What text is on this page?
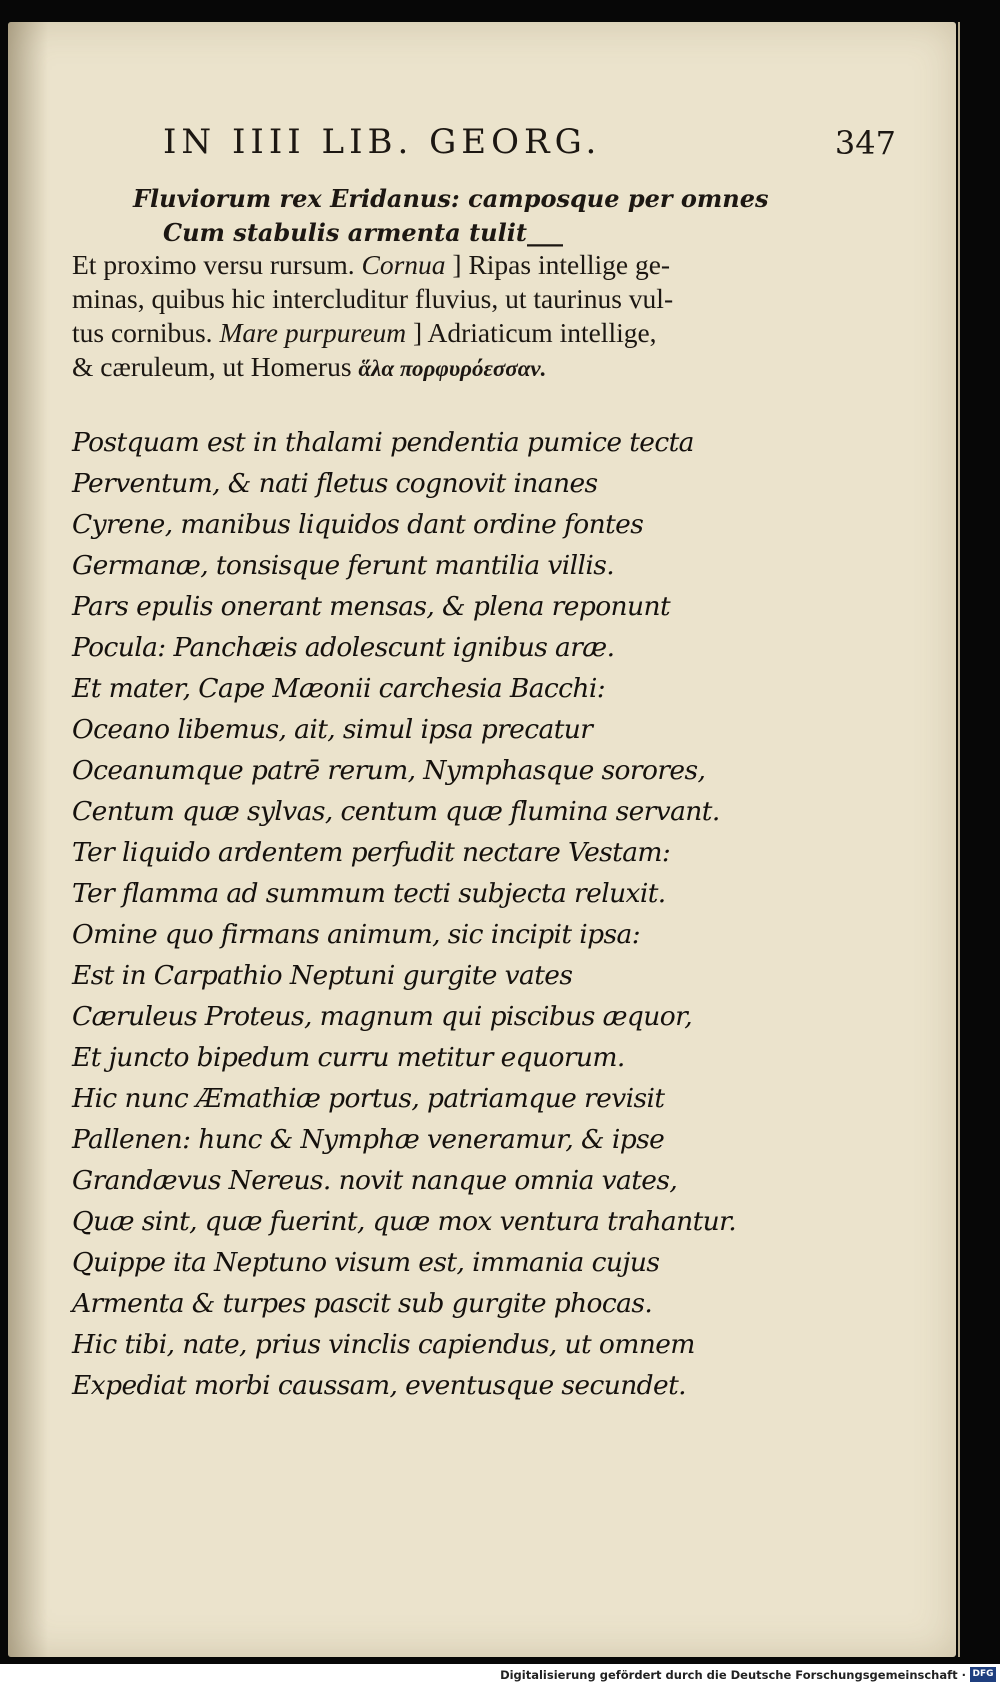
IN IIII LIB. GEORG.	347
Fluviorum rex Eridanus: camposque per omnes
Cum stabulis armenta tulit___

Et proximo versu rursum. Cornua ] Ripas intellige ge-

minas, quibus hic intercluditur fluvius, ut taurinus vul-

tus cornibus. Mare purpureum ] Adriaticum intellige,

& cæruleum, ut Homerus ἅλα πορφυρόεσσαν.

Postquam est in thalami pendentia pumice tecta
Perventum, & nati fletus cognovit inanes
Cyrene, manibus liquidos dant ordine fontes
Germanæ, tonsisque ferunt mantilia villis.
Pars epulis onerant mensas, & plena reponunt
Pocula: Panchæis adolescunt ignibus aræ.
Et mater, Cape Mæonii carchesia Bacchi:
Oceano libemus, ait, simul ipsa precatur
Oceanumque patrē rerum, Nymphasque sorores,
Centum quæ sylvas, centum quæ flumina servant.
Ter liquido ardentem perfudit nectare Vestam:
Ter flamma ad summum tecti subjecta reluxit.
Omine quo firmans animum, sic incipit ipsa:
Est in Carpathio Neptuni gurgite vates
Cæruleus Proteus, magnum qui piscibus æquor,
Et juncto bipedum curru metitur equorum.
Hic nunc Æmathiæ portus, patriamque revisit
Pallenen: hunc & Nymphæ veneramur, & ipse
Grandævus Nereus. novit nanque omnia vates,
Quæ sint, quæ fuerint, quæ mox ventura trahantur.
Quippe ita Neptuno visum est, immania cujus
Armenta & turpes pascit sub gurgite phocas.
Hic tibi, nate, prius vinclis capiendus, ut omnem
Expediat morbi caussam, eventusque secundet.
Digitalisierung gefördert durch die Deutsche Forschungsgemeinschaft · DFG
